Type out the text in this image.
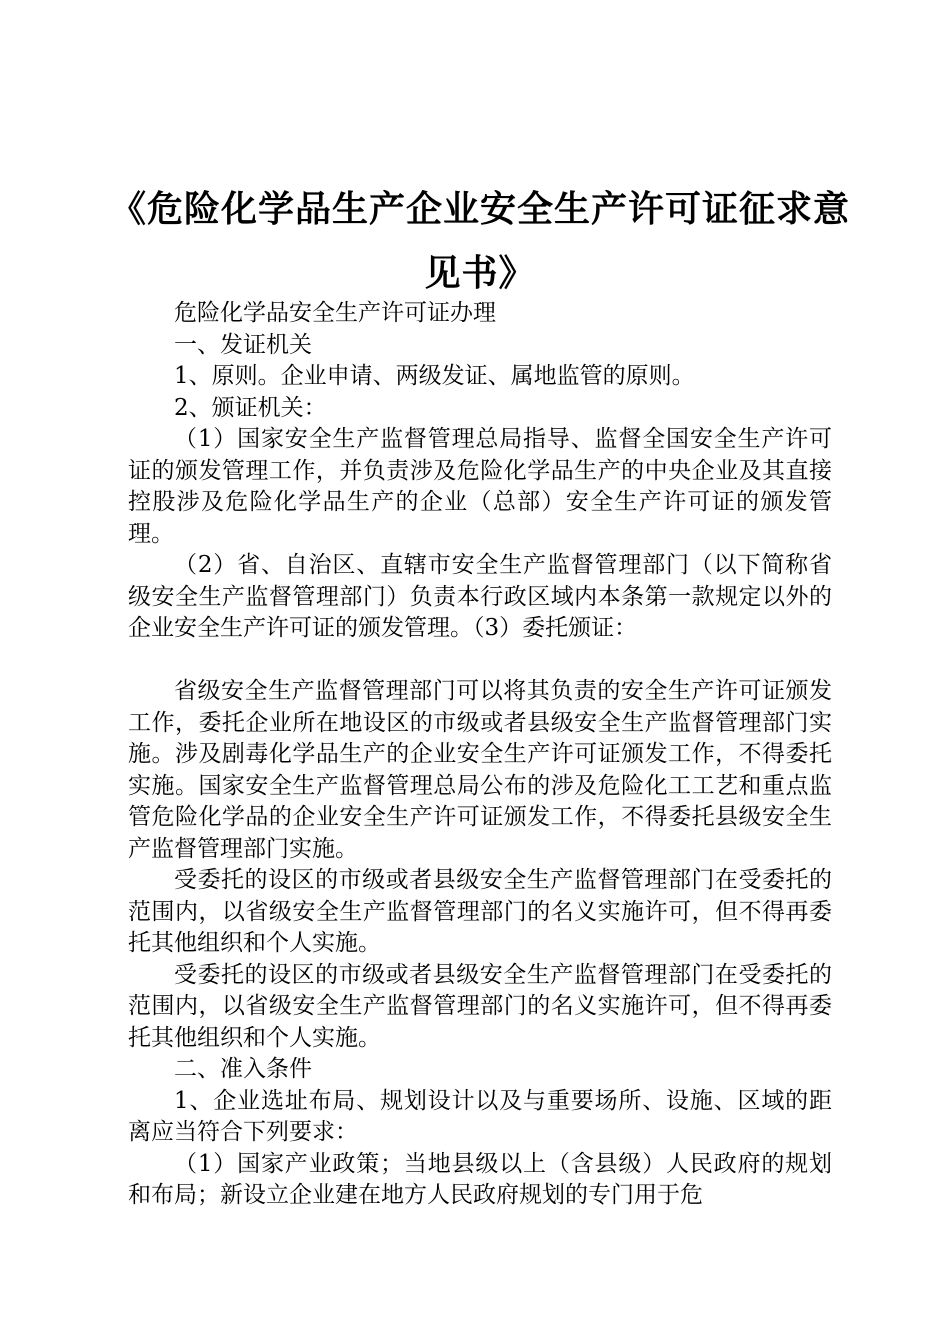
《危险化学品生产企业安全生产许可证征求意
见书》

危险化学品安全生产许可证办理

一、发证机关

1、原则。企业申请、两级发证、属地监管的原则。

2、颁证机关：

（1）国家安全生产监督管理总局指导、监督全国安全生产许可证的颁发管理工作，并负责涉及危险化学品生产的中央企业及其直接控股涉及危险化学品生产的企业（总部）安全生产许可证的颁发管理。

（2）省、自治区、直辖市安全生产监督管理部门（以下简称省级安全生产监督管理部门）负责本行政区域内本条第一款规定以外的企业安全生产许可证的颁发管理。（3）委托颁证：

省级安全生产监督管理部门可以将其负责的安全生产许可证颁发工作，委托企业所在地设区的市级或者县级安全生产监督管理部门实施。涉及剧毒化学品生产的企业安全生产许可证颁发工作，不得委托实施。国家安全生产监督管理总局公布的涉及危险化工工艺和重点监管危险化学品的企业安全生产许可证颁发工作，不得委托县级安全生产监督管理部门实施。

受委托的设区的市级或者县级安全生产监督管理部门在受委托的范围内，以省级安全生产监督管理部门的名义实施许可，但不得再委托其他组织和个人实施。

受委托的设区的市级或者县级安全生产监督管理部门在受委托的范围内，以省级安全生产监督管理部门的名义实施许可，但不得再委托其他组织和个人实施。

二、准入条件

1、企业选址布局、规划设计以及与重要场所、设施、区域的距离应当符合下列要求：

（1）国家产业政策；当地县级以上（含县级）人民政府的规划和布局；新设立企业建在地方人民政府规划的专门用于危
